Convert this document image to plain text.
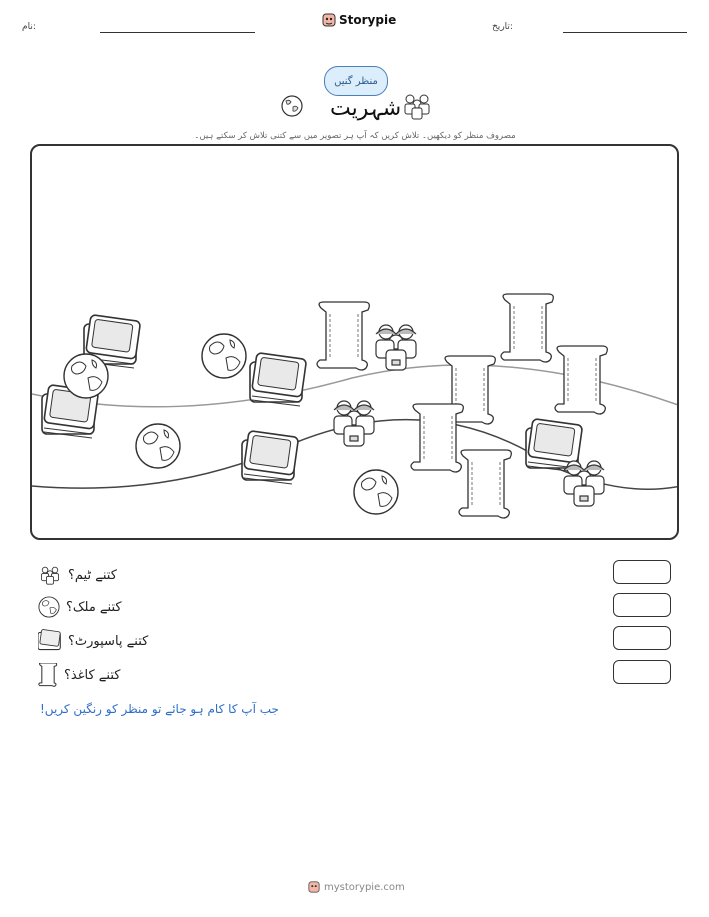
تاریخ:
Storypie
نام:
منظر گنیں
شہریت
مصروف منظر کو دیکھیں۔ تلاش کریں کہ آپ ہر تصویر میں سے کتنی تلاش کر سکتے ہیں۔
کتنے ٹیم؟
کتنے ملک؟
کتنے پاسپورٹ؟
کتنے کاغذ؟
جب آپ کا کام ہو جائے تو منظر کو رنگین کریں!
mystorypie.com
